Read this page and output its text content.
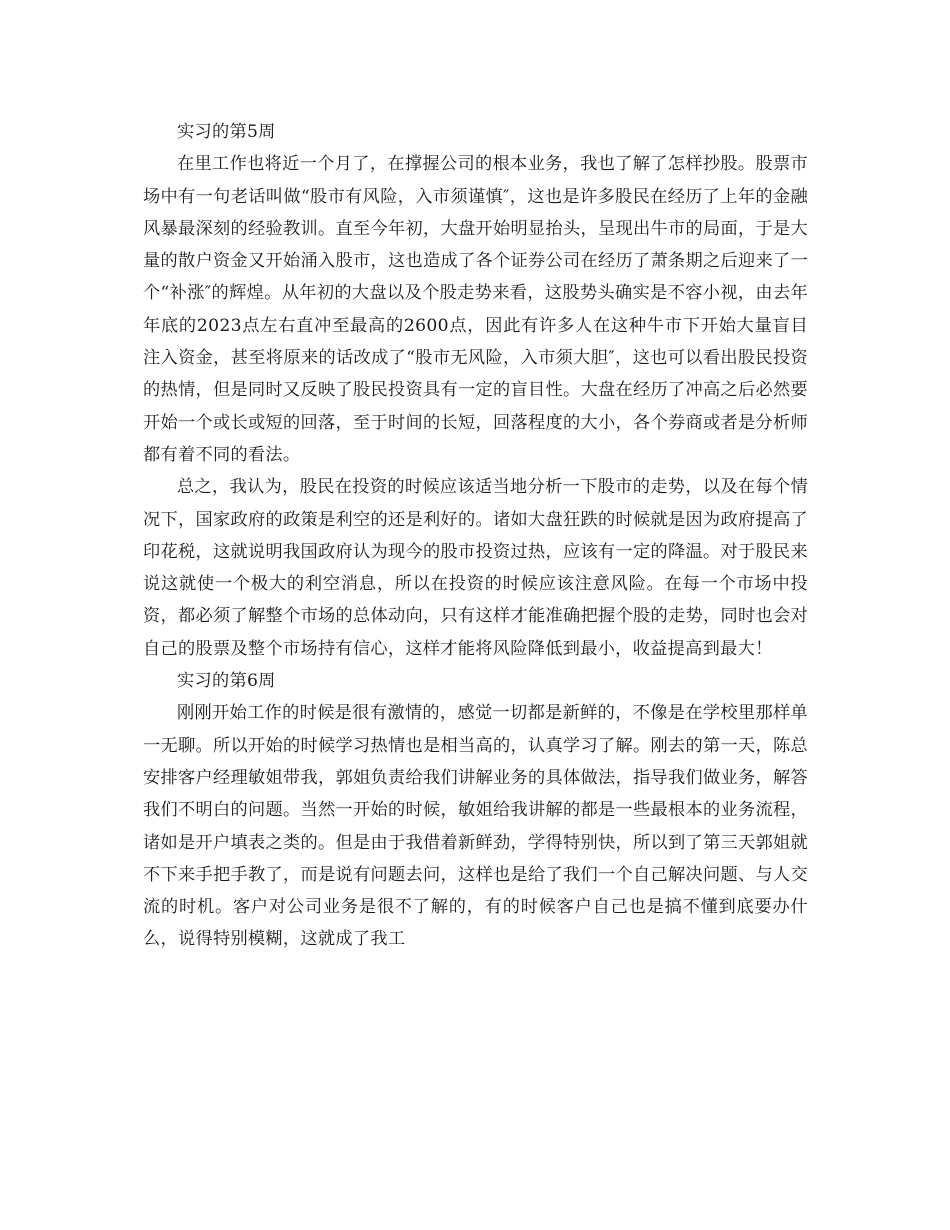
实习的第5周

在里工作也将近一个月了，在撑握公司的根本业务，我也了解了怎样抄股。股票市场中有一句老话叫做“股市有风险，入市须谨慎″，这也是许多股民在经历了上年的金融风暴最深刻的经验教训。直至今年初，大盘开始明显抬头，呈现出牛市的局面，于是大量的散户资金又开始涌入股市，这也造成了各个证券公司在经历了萧条期之后迎来了一个“补涨″的辉煌。从年初的大盘以及个股走势来看，这股势头确实是不容小视，由去年年底的2023点左右直冲至最高的2600点，因此有许多人在这种牛市下开始大量盲目注入资金，甚至将原来的话改成了“股市无风险，入市须大胆″，这也可以看出股民投资的热情，但是同时又反映了股民投资具有一定的盲目性。大盘在经历了冲高之后必然要开始一个或长或短的回落，至于时间的长短，回落程度的大小，各个券商或者是分析师都有着不同的看法。

总之，我认为，股民在投资的时候应该适当地分析一下股市的走势，以及在每个情况下，国家政府的政策是利空的还是利好的。诸如大盘狂跌的时候就是因为政府提高了印花税，这就说明我国政府认为现今的股市投资过热，应该有一定的降温。对于股民来说这就使一个极大的利空消息，所以在投资的时候应该注意风险。在每一个市场中投资，都必须了解整个市场的总体动向，只有这样才能准确把握个股的走势，同时也会对自己的股票及整个市场持有信心，这样才能将风险降低到最小，收益提高到最大！

实习的第6周

刚刚开始工作的时候是很有激情的，感觉一切都是新鲜的，不像是在学校里那样单一无聊。所以开始的时候学习热情也是相当高的，认真学习了解。刚去的第一天，陈总安排客户经理敏姐带我，郭姐负责给我们讲解业务的具体做法，指导我们做业务，解答我们不明白的问题。当然一开始的时候，敏姐给我讲解的都是一些最根本的业务流程，诸如是开户填表之类的。但是由于我借着新鲜劲，学得特别快，所以到了第三天郭姐就不下来手把手教了，而是说有问题去问，这样也是给了我们一个自己解决问题、与人交流的时机。客户对公司业务是很不了解的，有的时候客户自己也是搞不懂到底要办什么，说得特别模糊，这就成了我工
